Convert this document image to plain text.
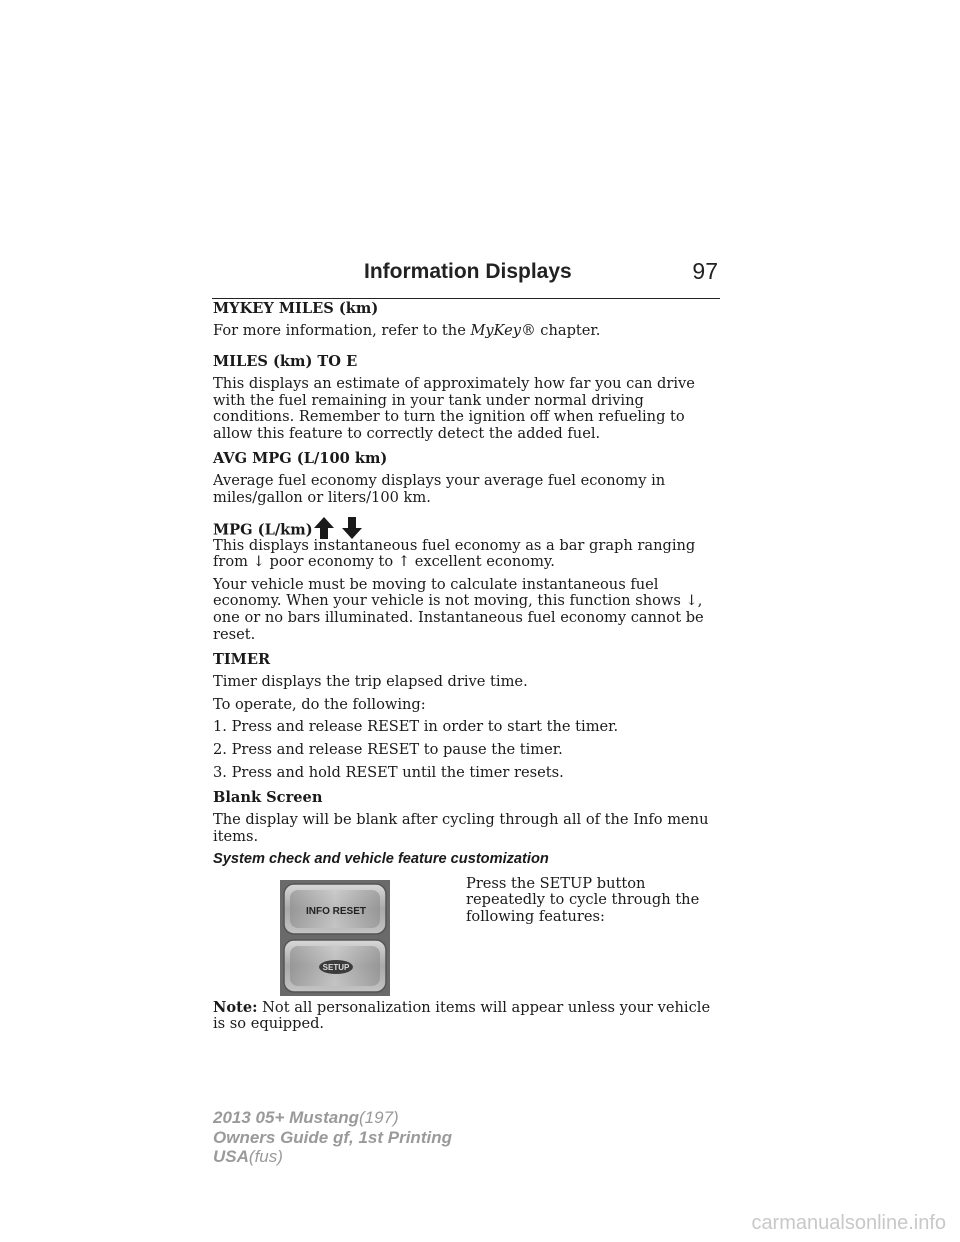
Information Displays	97
MYKEY MILES (km)
For more information, refer to the MyKey® chapter.
MILES (km) TO E
This displays an estimate of approximately how far you can drive with the fuel remaining in your tank under normal driving conditions. Remember to turn the ignition off when refueling to allow this feature to correctly detect the added fuel.
AVG MPG (L/100 km)
Average fuel economy displays your average fuel economy in miles/gallon or liters/100 km.
MPG (L/km)
This displays instantaneous fuel economy as a bar graph ranging from ↓ poor economy to ↑ excellent economy.
Your vehicle must be moving to calculate instantaneous fuel economy. When your vehicle is not moving, this function shows ↓, one or no bars illuminated. Instantaneous fuel economy cannot be reset.
TIMER
Timer displays the trip elapsed drive time.
To operate, do the following:
1. Press and release RESET in order to start the timer.
2. Press and release RESET to pause the timer.
3. Press and hold RESET until the timer resets.
Blank Screen
The display will be blank after cycling through all of the Info menu items.
System check and vehicle feature customization
INFO RESET
SETUP
Press the SETUP button repeatedly to cycle through the following features:
Note: Not all personalization items will appear unless your vehicle is so equipped.
2013 05+ Mustang(197)
Owners Guide gf, 1st Printing
USA(fus)
carmanualsonline.info
